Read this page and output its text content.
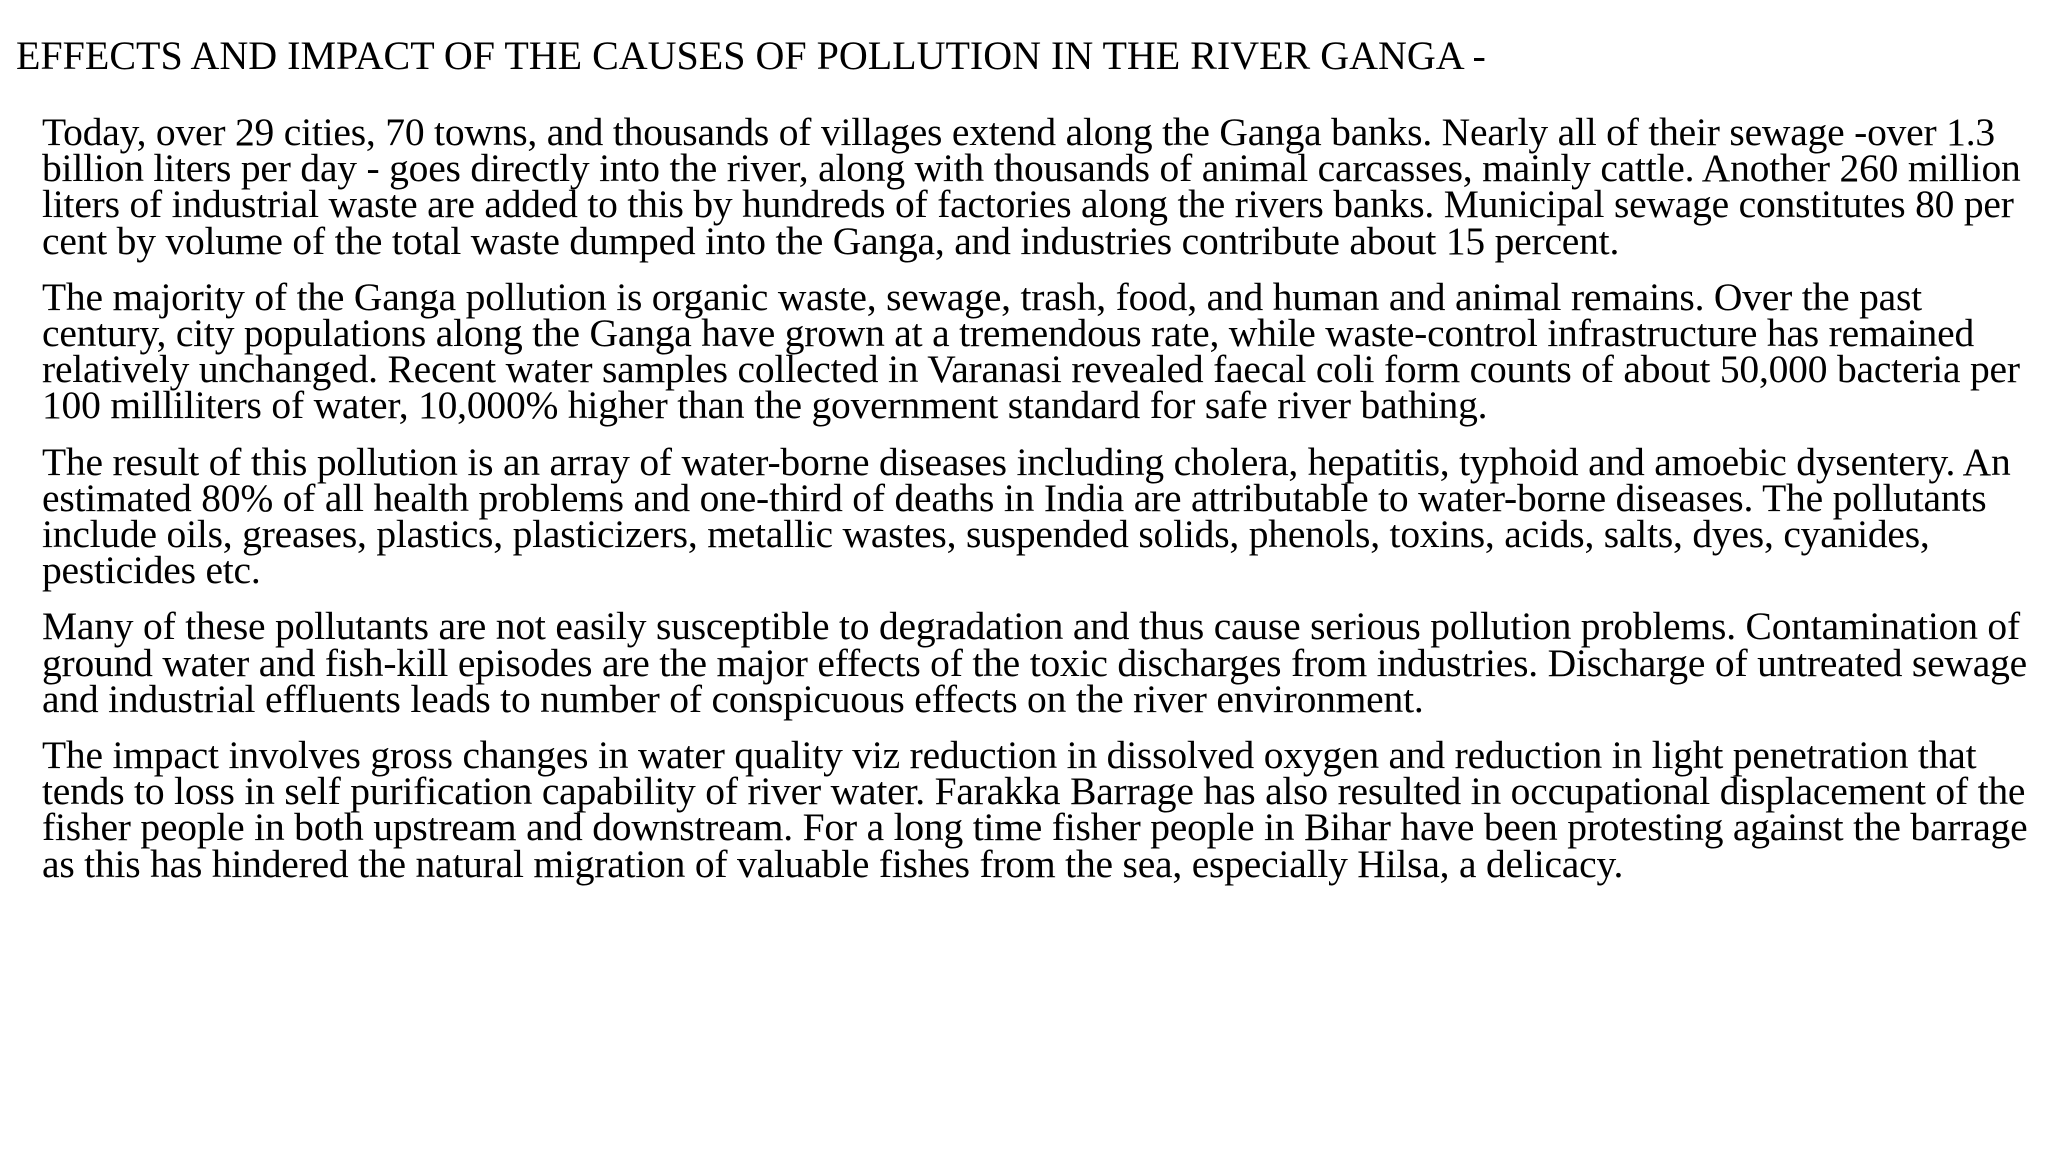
EFFECTS AND IMPACT OF THE CAUSES OF POLLUTION IN THE RIVER GANGA -

Today, over 29 cities, 70 towns, and thousands of villages extend along the Ganga banks. Nearly all of their sewage -over 1.3 billion liters per day - goes directly into the river, along with thousands of animal carcasses, mainly cattle. Another 260 million liters of industrial waste are added to this by hundreds of factories along the rivers banks. Municipal sewage constitutes 80 per cent by volume of the total waste dumped into the Ganga, and industries contribute about 15 percent.

The majority of the Ganga pollution is organic waste, sewage, trash, food, and human and animal remains. Over the past century, city populations along the Ganga have grown at a tremendous rate, while waste-control infrastructure has remained relatively unchanged. Recent water samples collected in Varanasi revealed faecal coli form counts of about 50,000 bacteria per 100 milliliters of water, 10,000% higher than the government standard for safe river bathing.

The result of this pollution is an array of water-borne diseases including cholera, hepatitis, typhoid and amoebic dysentery. An estimated 80% of all health problems and one-third of deaths in India are attributable to water-borne diseases. The pollutants include oils, greases, plastics, plasticizers, metallic wastes, suspended solids, phenols, toxins, acids, salts, dyes, cyanides, pesticides etc.

Many of these pollutants are not easily susceptible to degradation and thus cause serious pollution problems. Contamination of ground water and fish-kill episodes are the major effects of the toxic discharges from industries. Discharge of untreated sewage and industrial effluents leads to number of conspicuous effects on the river environment.

The impact involves gross changes in water quality viz reduction in dissolved oxygen and reduction in light penetration that tends to loss in self purification capability of river water. Farakka Barrage has also resulted in occupational displacement of the fisher people in both upstream and downstream. For a long time fisher people in Bihar have been protesting against the barrage as this has hindered the natural migration of valuable fishes from the sea, especially Hilsa, a delicacy.
